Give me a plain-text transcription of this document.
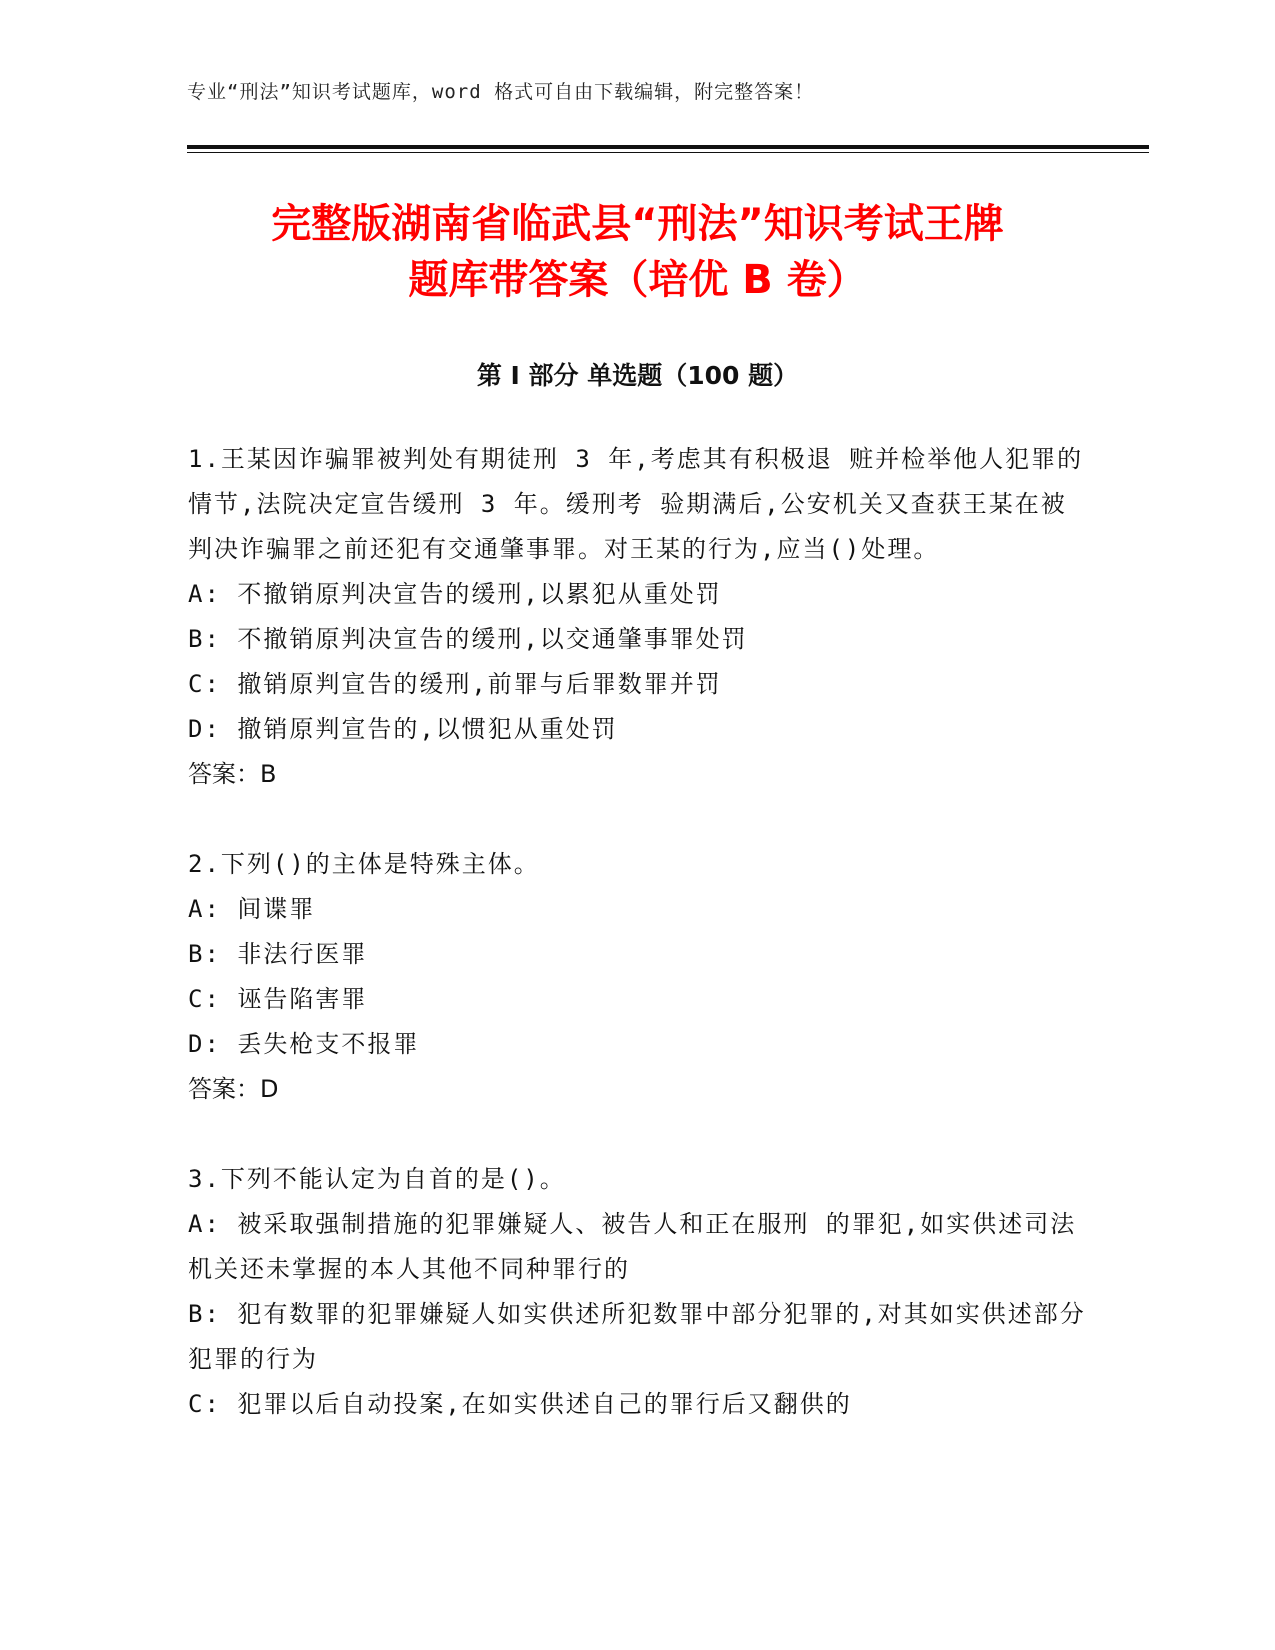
专业“刑法”知识考试题库，word 格式可自由下载编辑，附完整答案！
完整版湖南省临武县“刑法”知识考试王牌
题库带答案（培优 B 卷）
第 I 部分 单选题（100 题）

1.王某因诈骗罪被判处有期徒刑 3 年,考虑其有积极退 赃并检举他人犯罪的情节,法院决定宣告缓刑 3 年。缓刑考 验期满后,公安机关又查获王某在被判决诈骗罪之前还犯有交通肇事罪。对王某的行为,应当()处理。

A: 不撤销原判决宣告的缓刑,以累犯从重处罚

B: 不撤销原判决宣告的缓刑,以交通肇事罪处罚

C: 撤销原判宣告的缓刑,前罪与后罪数罪并罚

D: 撤销原判宣告的,以惯犯从重处罚

答案：B

2.下列()的主体是特殊主体。

A: 间谍罪

B: 非法行医罪

C: 诬告陷害罪

D: 丢失枪支不报罪

答案：D

3.下列不能认定为自首的是()。

A: 被采取强制措施的犯罪嫌疑人、被告人和正在服刑 的罪犯,如实供述司法机关还未掌握的本人其他不同种罪行的

B: 犯有数罪的犯罪嫌疑人如实供述所犯数罪中部分犯罪的,对其如实供述部分犯罪的行为

C: 犯罪以后自动投案,在如实供述自己的罪行后又翻供的
